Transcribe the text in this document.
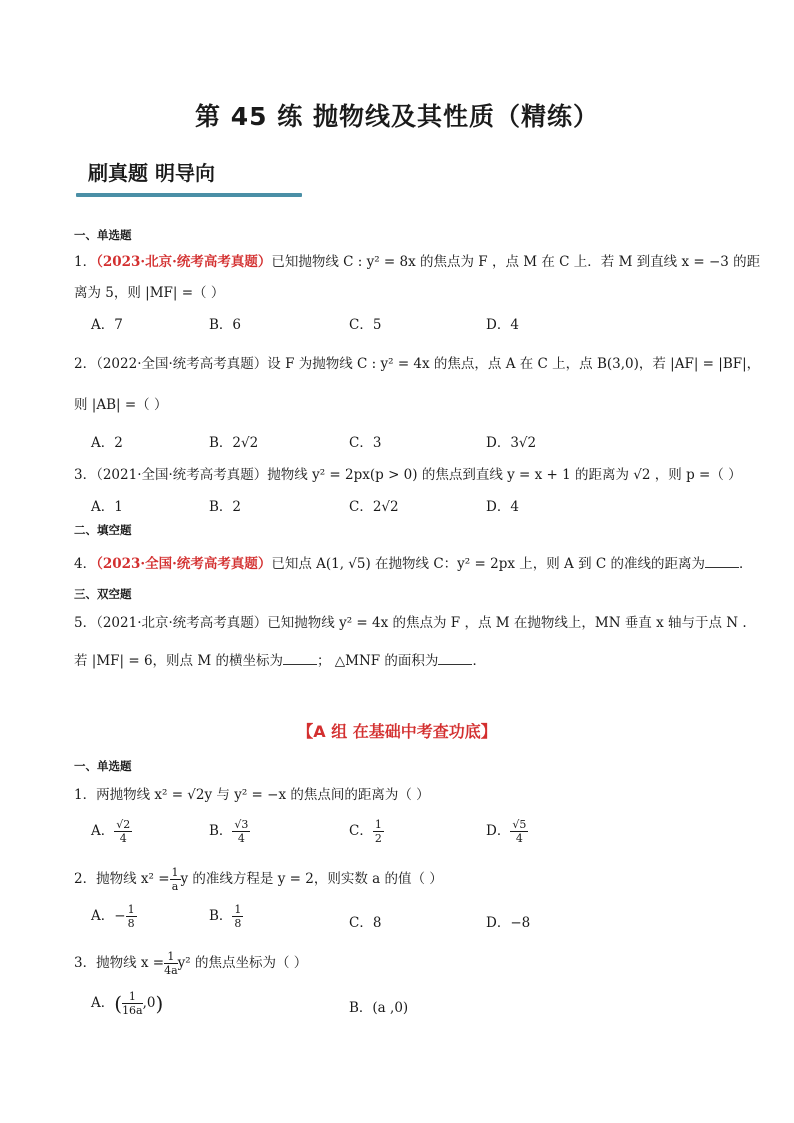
第 45 练 抛物线及其性质（精练）
刷真题 明导向
一、单选题
1．（2023·北京·统考高考真题）已知抛物线 C : y² = 8x 的焦点为 F ，点 M 在 C 上．若 M 到直线 x = −3 的距
离为 5，则 |MF| =（ ）
A．7	B．6	C．5	D．4
2．（2022·全国·统考高考真题）设 F 为抛物线 C : y² = 4x 的焦点，点 A 在 C 上，点 B(3,0)，若 |AF| = |BF|，
则 |AB| =（ ）
A．2	B．2√2	C．3	D．3√2
3．（2021·全国·统考高考真题）抛物线 y² = 2px(p > 0) 的焦点到直线 y = x + 1 的距离为 √2 ，则 p =（ ）
A．1	B．2	C．2√2	D．4
二、填空题
4．（2023·全国·统考高考真题）已知点 A(1, √5) 在抛物线 C：y² = 2px 上，则 A 到 C 的准线的距离为	．
三、双空题
5．（2021·北京·统考高考真题）已知抛物线 y² = 4x 的焦点为 F ，点 M 在抛物线上，MN 垂直 x 轴与于点 N .
若 |MF| = 6，则点 M 的横坐标为	； △MNF 的面积为	．
【A 组 在基础中考查功底】
一、单选题
1．两抛物线 x² = √2y 与 y² = −x 的焦点间的距离为（ ）
A． $\frac{√2}{4}$	B． $\frac{√3}{4}$	C． $\frac{1}{2}$	D． $\frac{√5}{4}$
2．抛物线 $x^2 = \frac{1}{a}$ y 的准线方程是 y = 2，则实数 a 的值（ ）
A．− $\frac{1}{8}$	B． $\frac{1}{8}$	C．8	D．−8
3．抛物线 $x = \frac{1}{4a} y^2$ 的焦点坐标为（ ）
A．( $\frac{1}{16a} ,0$)	B．(a ,0)
